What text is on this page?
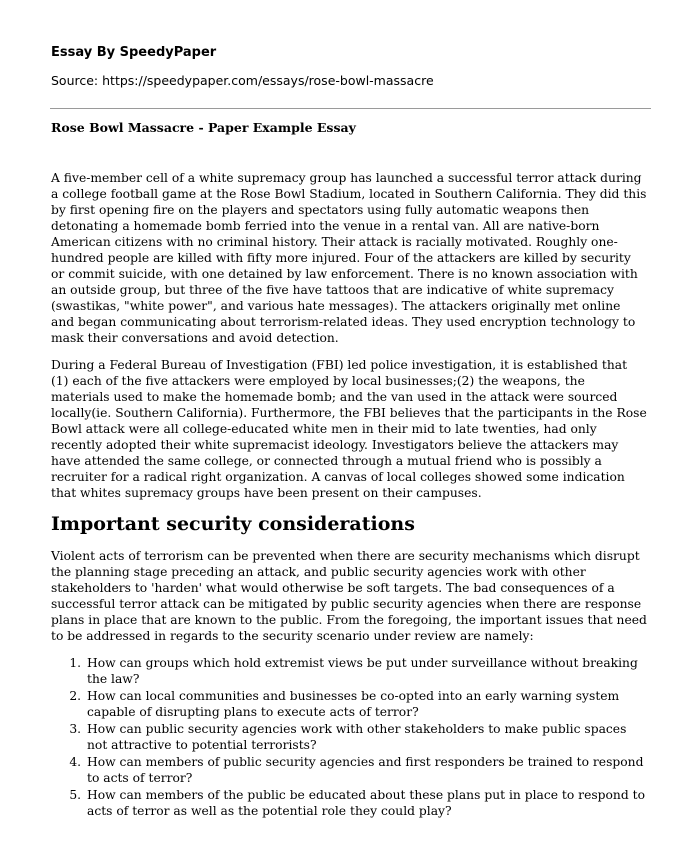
Essay By SpeedyPaper

Source: https://speedypaper.com/essays/rose-bowl-massacre

Rose Bowl Massacre - Paper Example Essay

A five-member cell of a white supremacy group has launched a successful terror attack during a college football game at the Rose Bowl Stadium, located in Southern California. They did this by first opening fire on the players and spectators using fully automatic weapons then detonating a homemade bomb ferried into the venue in a rental van. All are native-born American citizens with no criminal history. Their attack is racially motivated. Roughly one-hundred people are killed with fifty more injured. Four of the attackers are killed by security or commit suicide, with one detained by law enforcement. There is no known association with an outside group, but three of the five have tattoos that are indicative of white supremacy (swastikas, "white power", and various hate messages). The attackers originally met online and began communicating about terrorism-related ideas. They used encryption technology to mask their conversations and avoid detection.

During a Federal Bureau of Investigation (FBI) led police investigation, it is established that (1) each of the five attackers were employed by local businesses;(2) the weapons, the materials used to make the homemade bomb; and the van used in the attack were sourced locally(ie. Southern California). Furthermore, the FBI believes that the participants in the Rose Bowl attack were all college-educated white men in their mid to late twenties, had only recently adopted their white supremacist ideology. Investigators believe the attackers may have attended the same college, or connected through a mutual friend who is possibly a recruiter for a radical right organization. A canvas of local colleges showed some indication that whites supremacy groups have been present on their campuses.

Important security considerations

Violent acts of terrorism can be prevented when there are security mechanisms which disrupt the planning stage preceding an attack, and public security agencies work with other stakeholders to 'harden' what would otherwise be soft targets. The bad consequences of a successful terror attack can be mitigated by public security agencies when there are response plans in place that are known to the public. From the foregoing, the important issues that need to be addressed in regards to the security scenario under review are namely:

1. How can groups which hold extremist views be put under surveillance without breaking the law?
2. How can local communities and businesses be co-opted into an early warning system capable of disrupting plans to execute acts of terror?
3. How can public security agencies work with other stakeholders to make public spaces not attractive to potential terrorists?
4. How can members of public security agencies and first responders be trained to respond to acts of terror?
5. How can members of the public be educated about these plans put in place to respond to acts of terror as well as the potential role they could play?
